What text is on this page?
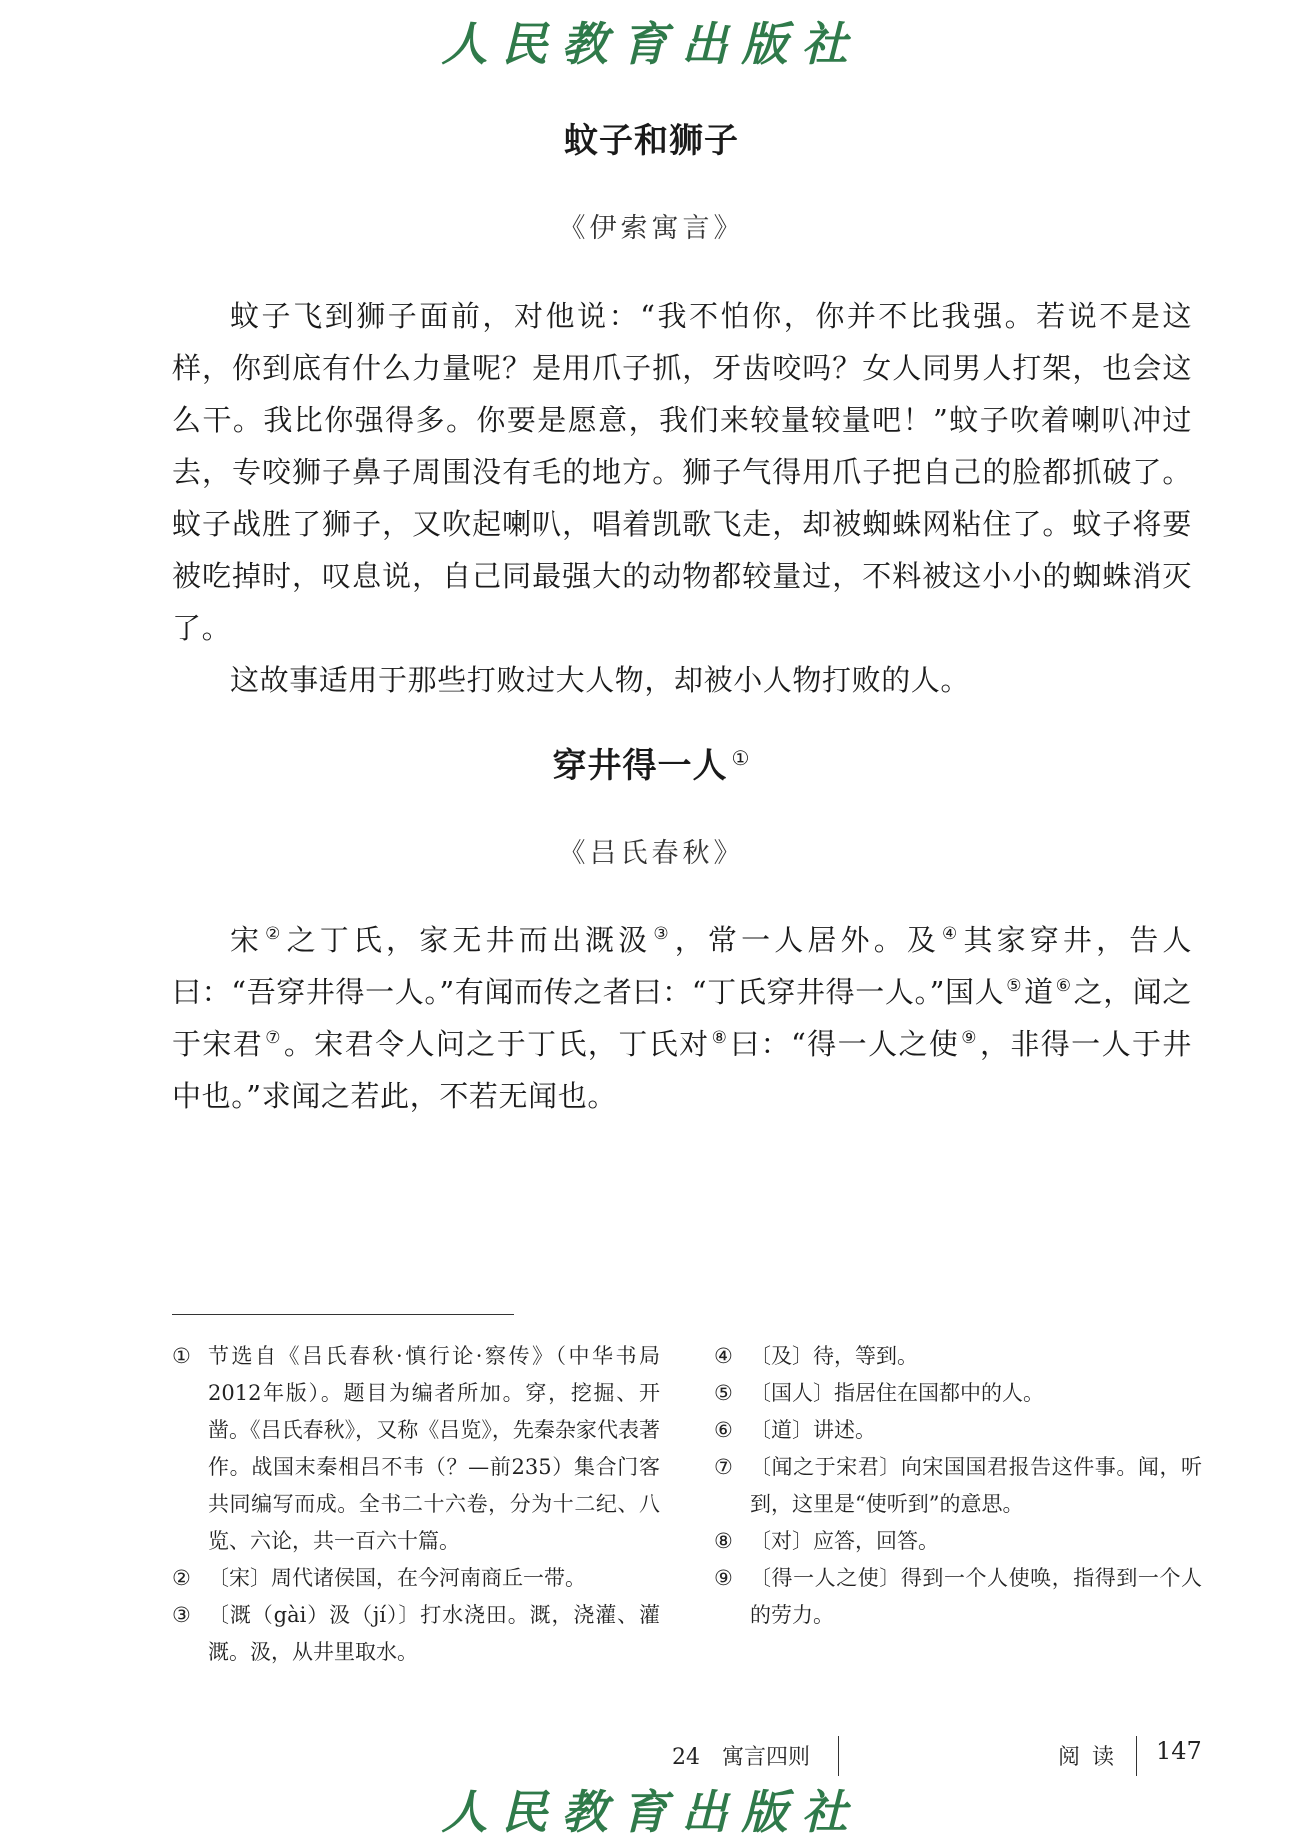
人民教育出版社
蚊子和狮子
《伊索寓言》

蚊子飞到狮子面前，对他说：“我不怕你，你并不比我强。若说不是这样，你到底有什么力量呢？是用爪子抓，牙齿咬吗？女人同男人打架，也会这么干。我比你强得多。你要是愿意，我们来较量较量吧！”蚊子吹着喇叭冲过去，专咬狮子鼻子周围没有毛的地方。狮子气得用爪子把自己的脸都抓破了。蚊子战胜了狮子，又吹起喇叭，唱着凯歌飞走，却被蜘蛛网粘住了。蚊子将要被吃掉时，叹息说，自己同最强大的动物都较量过，不料被这小小的蜘蛛消灭了。

这故事适用于那些打败过大人物，却被小人物打败的人。

穿井得一人 ①
《吕氏春秋》

宋 ②之丁氏，家无井而出溉汲 ③，常一人居外。及 ④其家穿井，告人曰：“吾穿井得一人。”有闻而传之者曰：“丁氏穿井得一人。”国人 ⑤道 ⑥之，闻之于宋君 ⑦。宋君令人问之于丁氏，丁氏对 ⑧曰：“得一人之使 ⑨，非得一人于井中也。”求闻之若此，不若无闻也。

① 节选自《吕氏春秋·慎行论·察传》（中华书局2012年版）。题目为编者所加。穿，挖掘、开凿。《吕氏春秋》，又称《吕览》，先秦杂家代表著作。战国末秦相吕不韦（？—前235）集合门客共同编写而成。全书二十六卷，分为十二纪、八览、六论，共一百六十篇。
② 〔宋〕周代诸侯国，在今河南商丘一带。
③ 〔溉（gài）汲（jí）〕打水浇田。溉，浇灌、灌溉。汲，从井里取水。
④ 〔及〕待，等到。
⑤ 〔国人〕指居住在国都中的人。
⑥ 〔道〕讲述。
⑦ 〔闻之于宋君〕向宋国国君报告这件事。闻，听到，这里是“使听到”的意思。
⑧ 〔对〕应答，回答。
⑨ 〔得一人之使〕得到一个人使唤，指得到一个人的劳力。
24　寓言四则	阅读 147
人民教育出版社
